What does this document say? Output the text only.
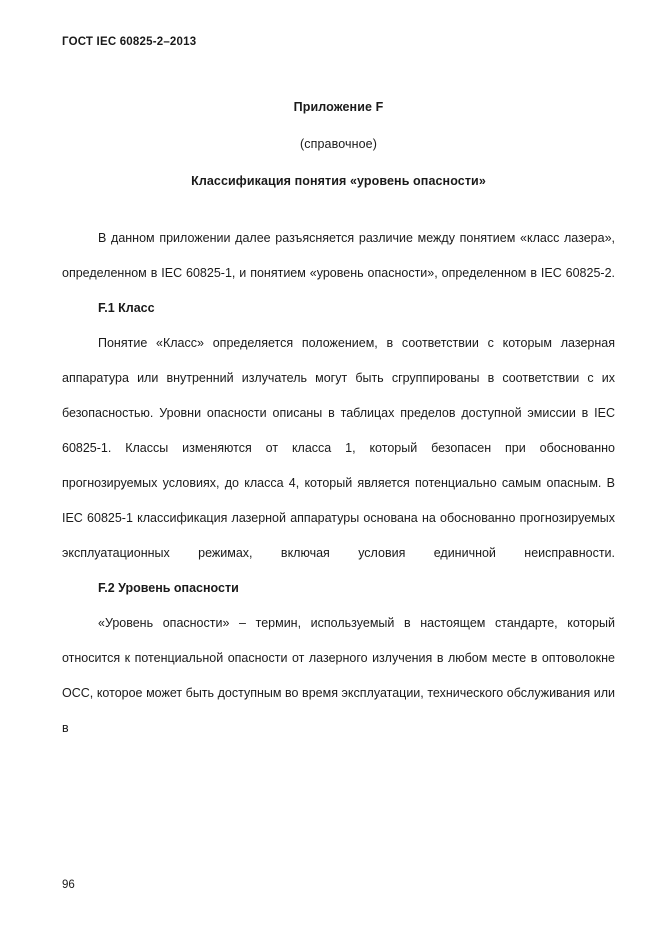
ГОСТ IEC 60825-2–2013
Приложение F
(справочное)
Классификация понятия «уровень опасности»

В данном приложении далее разъясняется различие между понятием «класс лазера», определенном в IEC 60825-1, и понятием «уровень опасности», определенном в IEC 60825-2.

F.1 Класс

Понятие «Класс» определяется положением, в соответствии с которым лазерная аппаратура или внутренний излучатель могут быть сгруппированы в соответствии с их безопасностью. Уровни опасности описаны в таблицах пределов доступной эмиссии в IEC 60825-1. Классы изменяются от класса 1, который безопасен при обоснованно прогнозируемых условиях, до класса 4, который является потенциально самым опасным. В IEC 60825-1 классификация лазерной аппаратуры основана на обоснованно прогнозируемых эксплуатационных режимах, включая условия единичной неисправности.

F.2 Уровень опасности

«Уровень опасности» – термин, используемый в настоящем стандарте, который относится к потенциальной опасности от лазерного излучения в любом месте в оптоволокне ОСС, которое может быть доступным во время эксплуатации, технического обслуживания или в

96
